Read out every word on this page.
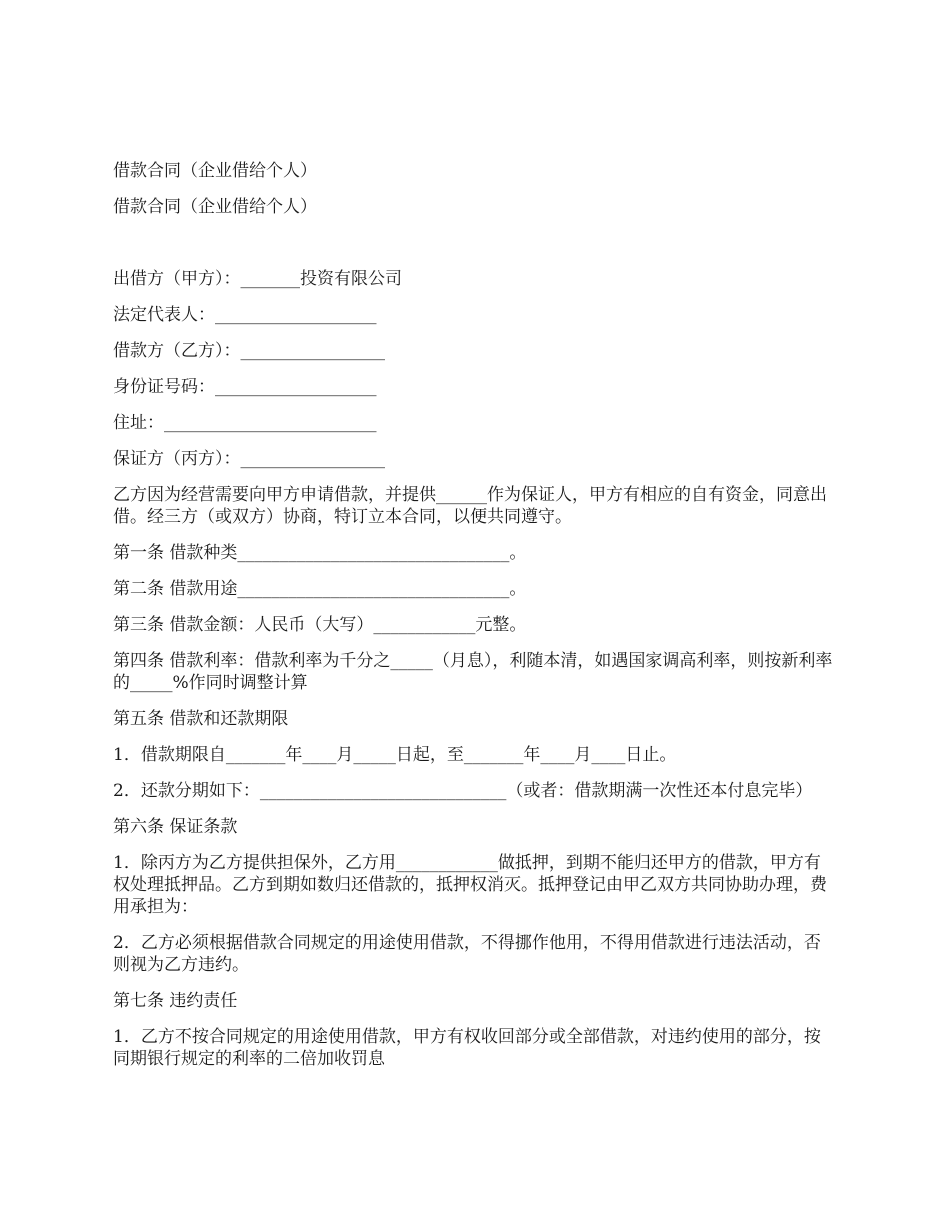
借款合同（企业借给个人）

借款合同（企业借给个人）

出借方（甲方）：_______投资有限公司

法定代表人：___________________

借款方（乙方）：_________________

身份证号码：___________________

住址：_________________________

保证方（丙方）：_________________

乙方因为经营需要向甲方申请借款，并提供______作为保证人，甲方有相应的自有资金，同意出借。经三方（或双方）协商，特订立本合同，以便共同遵守。

第一条 借款种类________________________________。

第二条 借款用途________________________________。

第三条 借款金额：人民币（大写）____________元整。

第四条 借款利率：借款利率为千分之_____（月息），利随本清，如遇国家调高利率，则按新利率的_____%作同时调整计算

第五条 借款和还款期限

1．借款期限自_______年____月_____日起，至_______年____月____日止。

2．还款分期如下：_____________________________（或者：借款期满一次性还本付息完毕）

第六条 保证条款

1．除丙方为乙方提供担保外，乙方用____________做抵押，到期不能归还甲方的借款，甲方有权处理抵押品。乙方到期如数归还借款的，抵押权消灭。抵押登记由甲乙双方共同协助办理，费用承担为：

2．乙方必须根据借款合同规定的用途使用借款，不得挪作他用，不得用借款进行违法活动，否则视为乙方违约。

第七条 违约责任

1．乙方不按合同规定的用途使用借款，甲方有权收回部分或全部借款，对违约使用的部分，按同期银行规定的利率的二倍加收罚息
